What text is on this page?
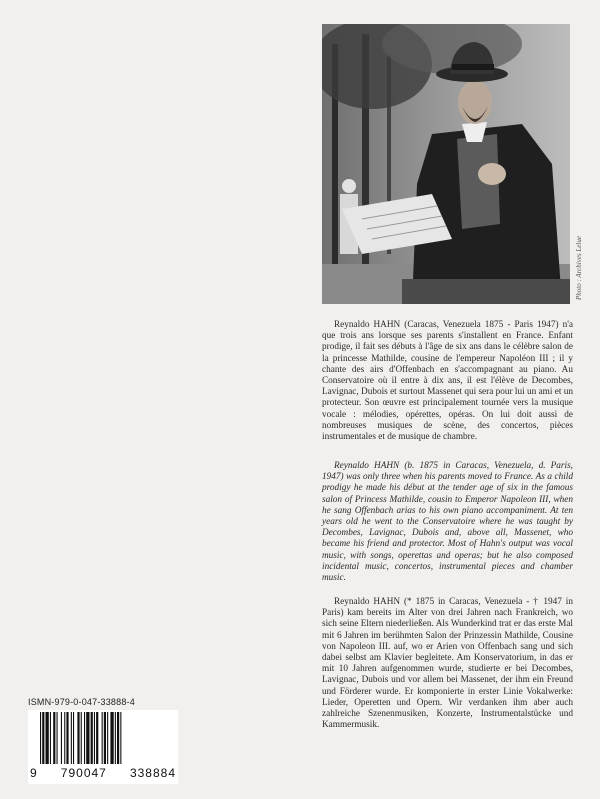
Photo : Archives Lelue

Reynaldo HAHN (Caracas, Venezuela 1875 - Paris 1947) n'a que trois ans lorsque ses parents s'installent en France. Enfant prodige, il fait ses débuts à l'âge de six ans dans le célèbre salon de la princesse Mathilde, cousine de l'empereur Napoléon III ; il y chante des airs d'Offenbach en s'accompagnant au piano. Au Conservatoire où il entre à dix ans, il est l'élève de Decombes, Lavignac, Dubois et surtout Massenet qui sera pour lui un ami et un protecteur. Son œuvre est principalement tournée vers la musique vocale : mélodies, opérettes, opéras. On lui doit aussi de nombreuses musiques de scène, des concertos, pièces instrumentales et de musique de chambre.

Reynaldo HAHN (b. 1875 in Caracas, Venezuela, d. Paris, 1947) was only three when his parents moved to France. As a child prodigy he made his début at the tender age of six in the famous salon of Princess Mathilde, cousin to Emperor Napoleon III, when he sang Offenbach arias to his own piano accompaniment. At ten years old he went to the Conservatoire where he was taught by Decombes, Lavignac, Dubois and, above all, Massenet, who became his friend and protector. Most of Hahn's output was vocal music, with songs, operettas and operas; but he also composed incidental music, concertos, instrumental pieces and chamber music.

Reynaldo HAHN (* 1875 in Caracas, Venezuela - † 1947 in Paris) kam bereits im Alter von drei Jahren nach Frankreich, wo sich seine Eltern niederließen. Als Wunderkind trat er das erste Mal mit 6 Jahren im berühmten Salon der Prinzessin Mathilde, Cousine von Napoleon III. auf, wo er Arien von Offenbach sang und sich dabei selbst am Klavier begleitete. Am Konservatorium, in das er mit 10 Jahren aufgenommen wurde, studierte er bei Decombes, Lavignac, Dubois und vor allem bei Massenet, der ihm ein Freund und Förderer wurde. Er komponierte in erster Linie Vokalwerke: Lieder, Operetten und Opern. Wir verdanken ihm aber auch zahlreiche Szenenmusiken, Konzerte, Instrumentalstücke und Kammermusik.

ISMN-979-0-047-33888-4
9 790047 338884
